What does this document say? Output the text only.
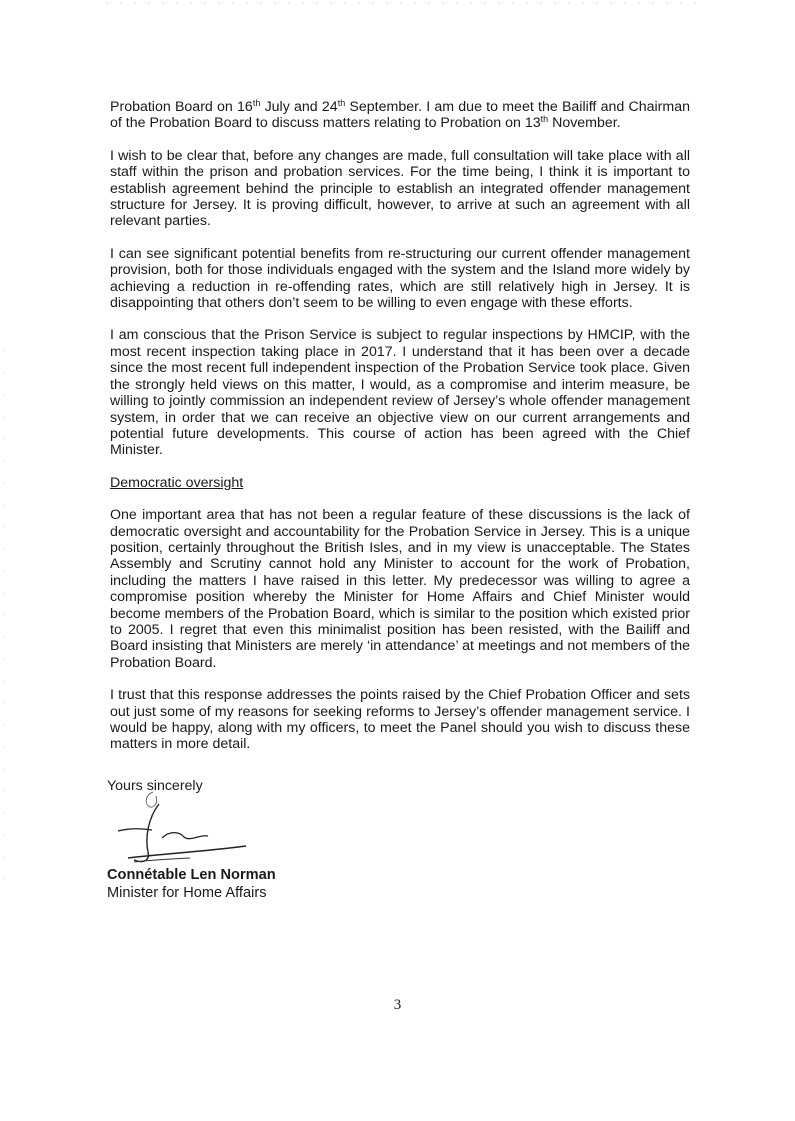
Probation Board on 16th July and 24th September. I am due to meet the Bailiff and Chairman of the Probation Board to discuss matters relating to Probation on 13th November.

I wish to be clear that, before any changes are made, full consultation will take place with all staff within the prison and probation services. For the time being, I think it is important to establish agreement behind the principle to establish an integrated offender management structure for Jersey. It is proving difficult, however, to arrive at such an agreement with all relevant parties.

I can see significant potential benefits from re-structuring our current offender management provision, both for those individuals engaged with the system and the Island more widely by achieving a reduction in re-offending rates, which are still relatively high in Jersey. It is disappointing that others don’t seem to be willing to even engage with these efforts.

I am conscious that the Prison Service is subject to regular inspections by HMCIP, with the most recent inspection taking place in 2017. I understand that it has been over a decade since the most recent full independent inspection of the Probation Service took place. Given the strongly held views on this matter, I would, as a compromise and interim measure, be willing to jointly commission an independent review of Jersey’s whole offender management system, in order that we can receive an objective view on our current arrangements and potential future developments. This course of action has been agreed with the Chief Minister.

Democratic oversight

One important area that has not been a regular feature of these discussions is the lack of democratic oversight and accountability for the Probation Service in Jersey. This is a unique position, certainly throughout the British Isles, and in my view is unacceptable. The States Assembly and Scrutiny cannot hold any Minister to account for the work of Probation, including the matters I have raised in this letter. My predecessor was willing to agree a compromise position whereby the Minister for Home Affairs and Chief Minister would become members of the Probation Board, which is similar to the position which existed prior to 2005. I regret that even this minimalist position has been resisted, with the Bailiff and Board insisting that Ministers are merely ‘in attendance’ at meetings and not members of the Probation Board.

I trust that this response addresses the points raised by the Chief Probation Officer and sets out just some of my reasons for seeking reforms to Jersey’s offender management service. I would be happy, along with my officers, to meet the Panel should you wish to discuss these matters in more detail.

Yours sincerely
Connétable Len Norman
Minister for Home Affairs
3
